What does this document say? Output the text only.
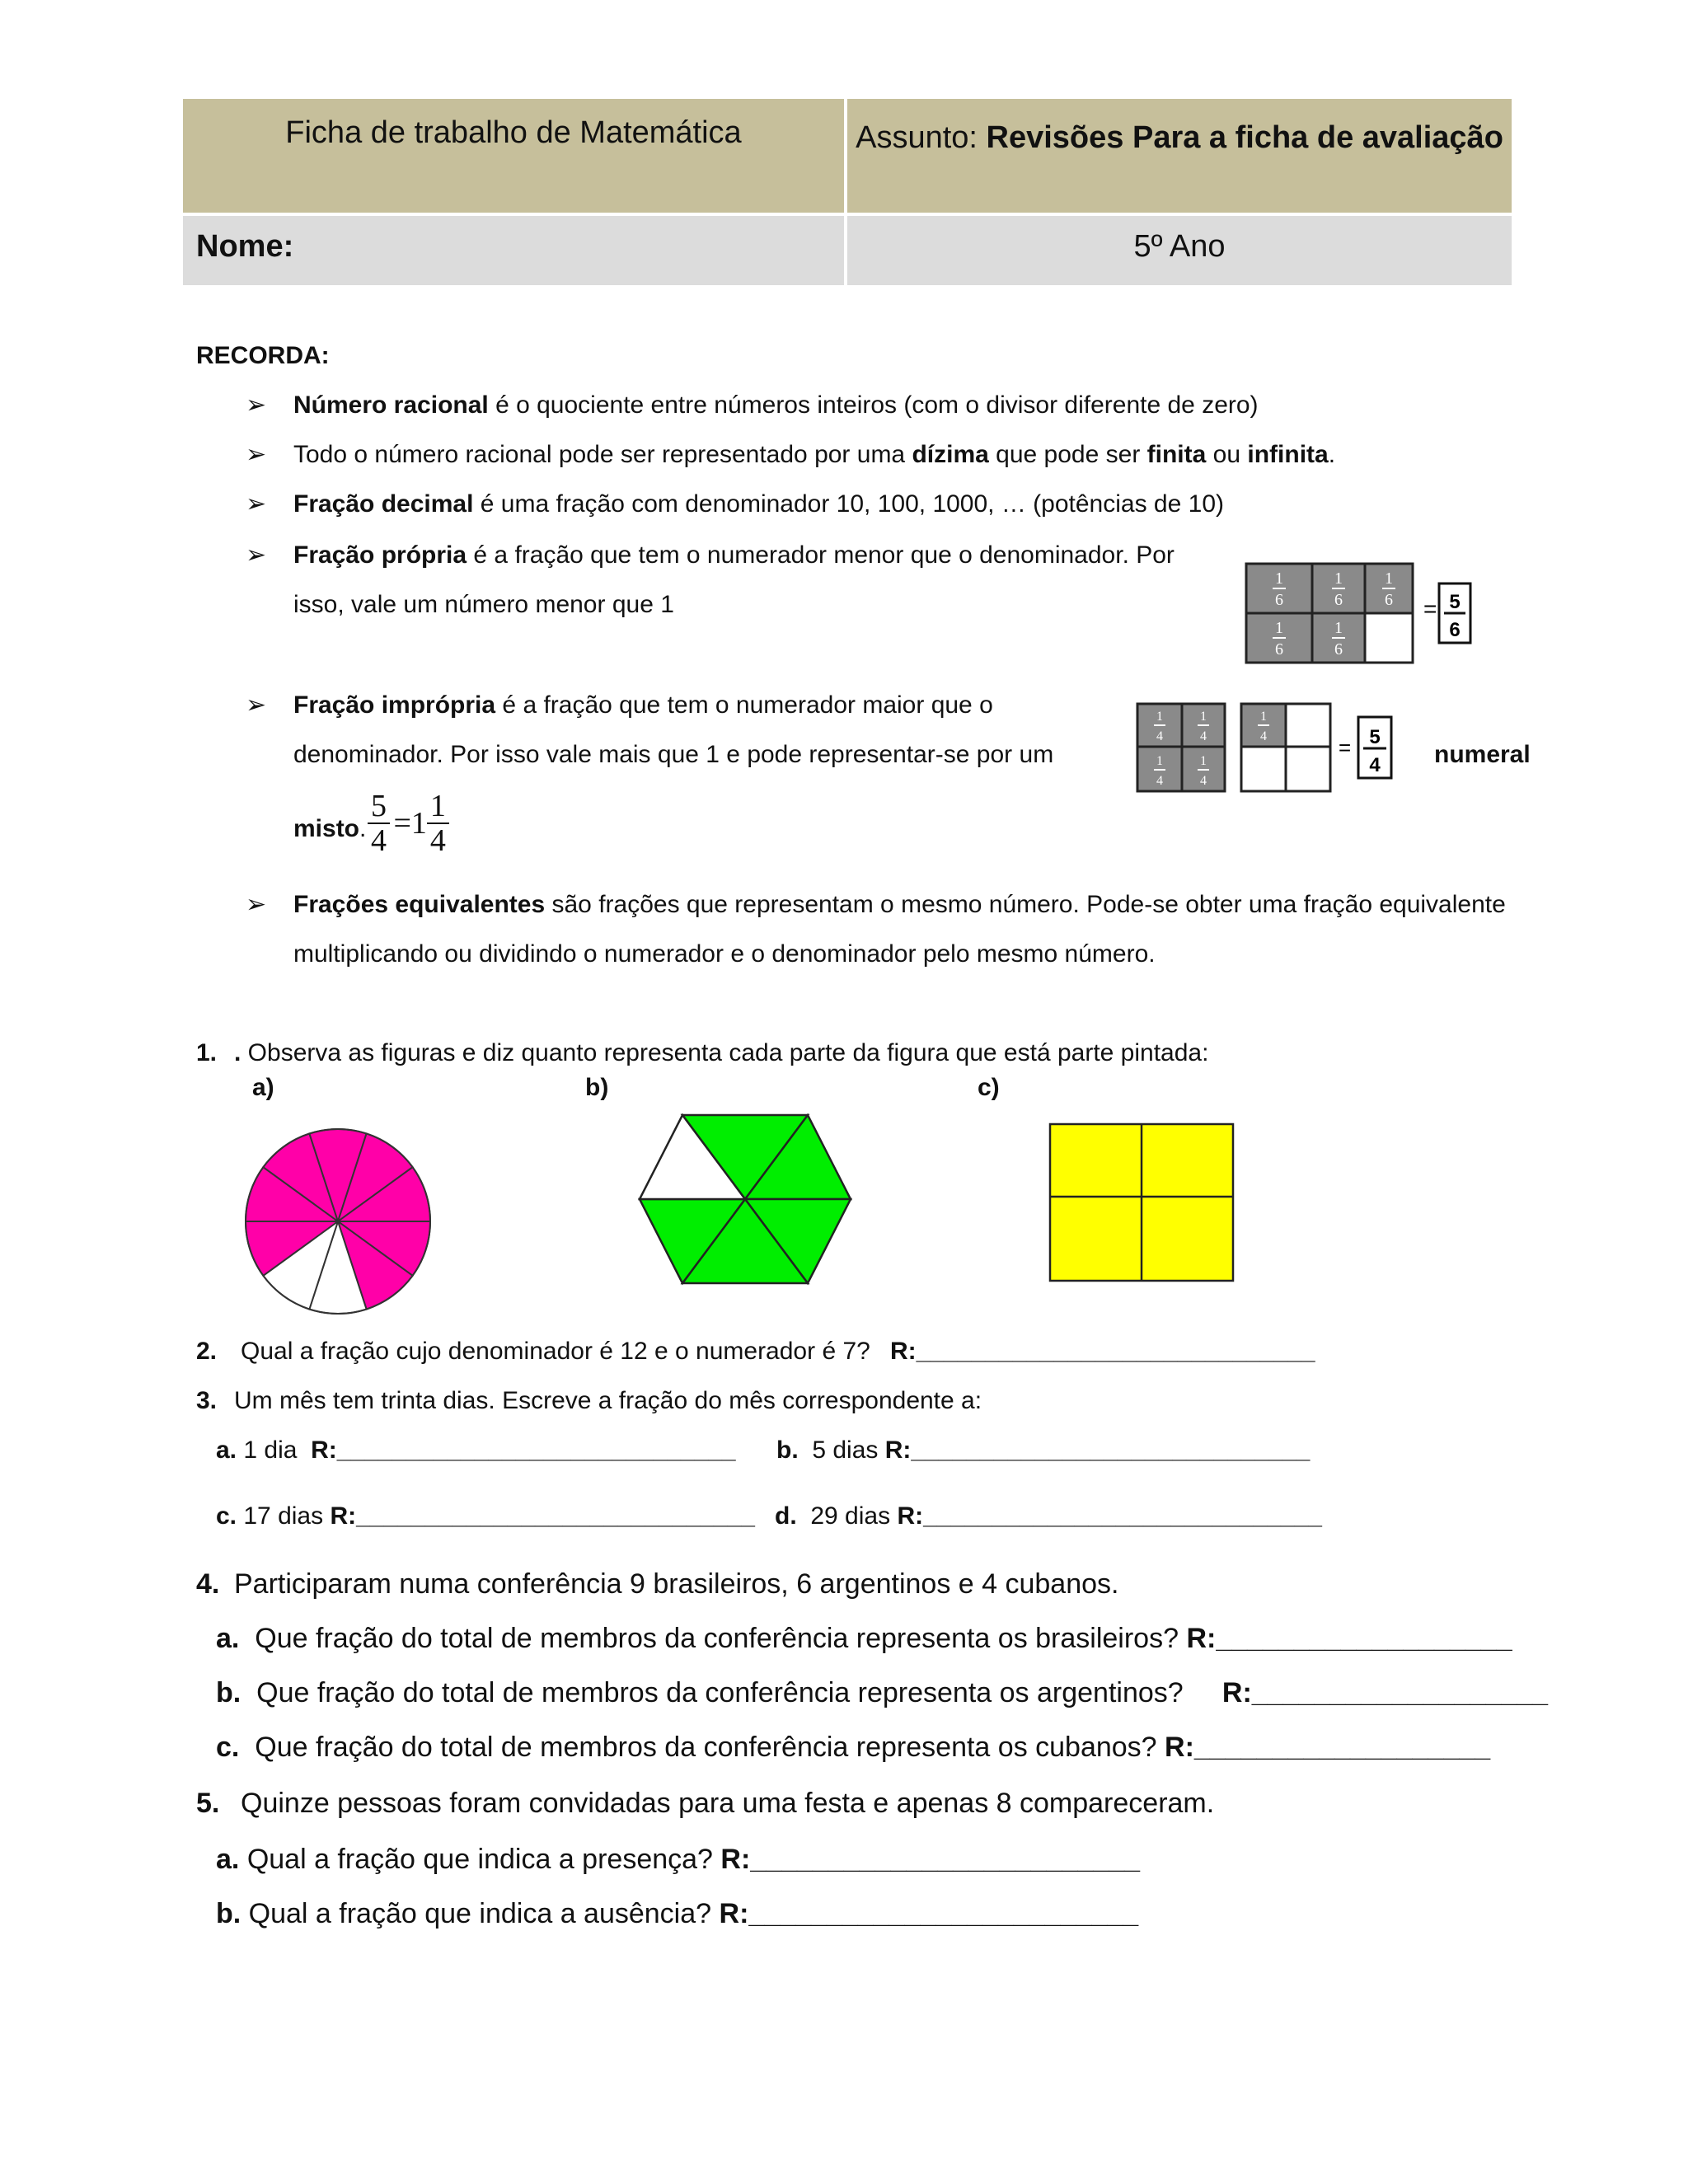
Ficha de trabalho de Matemática	Assunto: Revisões Para a ficha de avaliação

Nome:	5º Ano
RECORDA:
➢ Número racional é o quociente entre números inteiros (com o divisor diferente de zero)
➢ Todo o número racional pode ser representado por uma dízima que pode ser finita ou infinita.
➢ Fração decimal é uma fração com denominador 10, 100, 1000, … (potências de 10)
➢ Fração própria é a fração que tem o numerador menor que o denominador. Por
isso, vale um número menor que 1
1
6
1
6
1
6
1
6
1
6
= 5
6
➢ Fração imprópria é a fração que tem o numerador maior que o
denominador. Por isso vale mais que 1 e pode representar-se por um	numeral
1
4
1
4
1
4
1
4
1
4	= 5
4
misto. $\frac{5}{4} =1 \frac{1}{4}$
➢ Frações equivalentes são frações que representam o mesmo número. Pode-se obter uma fração equivalente
multiplicando ou dividindo o numerador e o denominador pelo mesmo número.
1. . Observa as figuras e diz quanto representa cada parte da figura que está parte pintada:
a)	b)	c)
2. Qual a fração cujo denominador é 12 e o numerador é 7? R:_____________________________
3. Um mês tem trinta dias. Escreve a fração do mês correspondente a:
a. 1 dia R:_____________________________ b. 5 dias R:_____________________________
c. 17 dias R:_____________________________ d. 29 dias R:_____________________________
4. Participaram numa conferência 9 brasileiros, 6 argentinos e 4 cubanos.
a. Que fração do total de membros da conferência representa os brasileiros? R:___________________
b. Que fração do total de membros da conferência representa os argentinos? R:___________________
c. Que fração do total de membros da conferência representa os cubanos? R:___________________
5. Quinze pessoas foram convidadas para uma festa e apenas 8 compareceram.
a. Qual a fração que indica a presença? R:_________________________
b. Qual a fração que indica a ausência? R:_________________________
